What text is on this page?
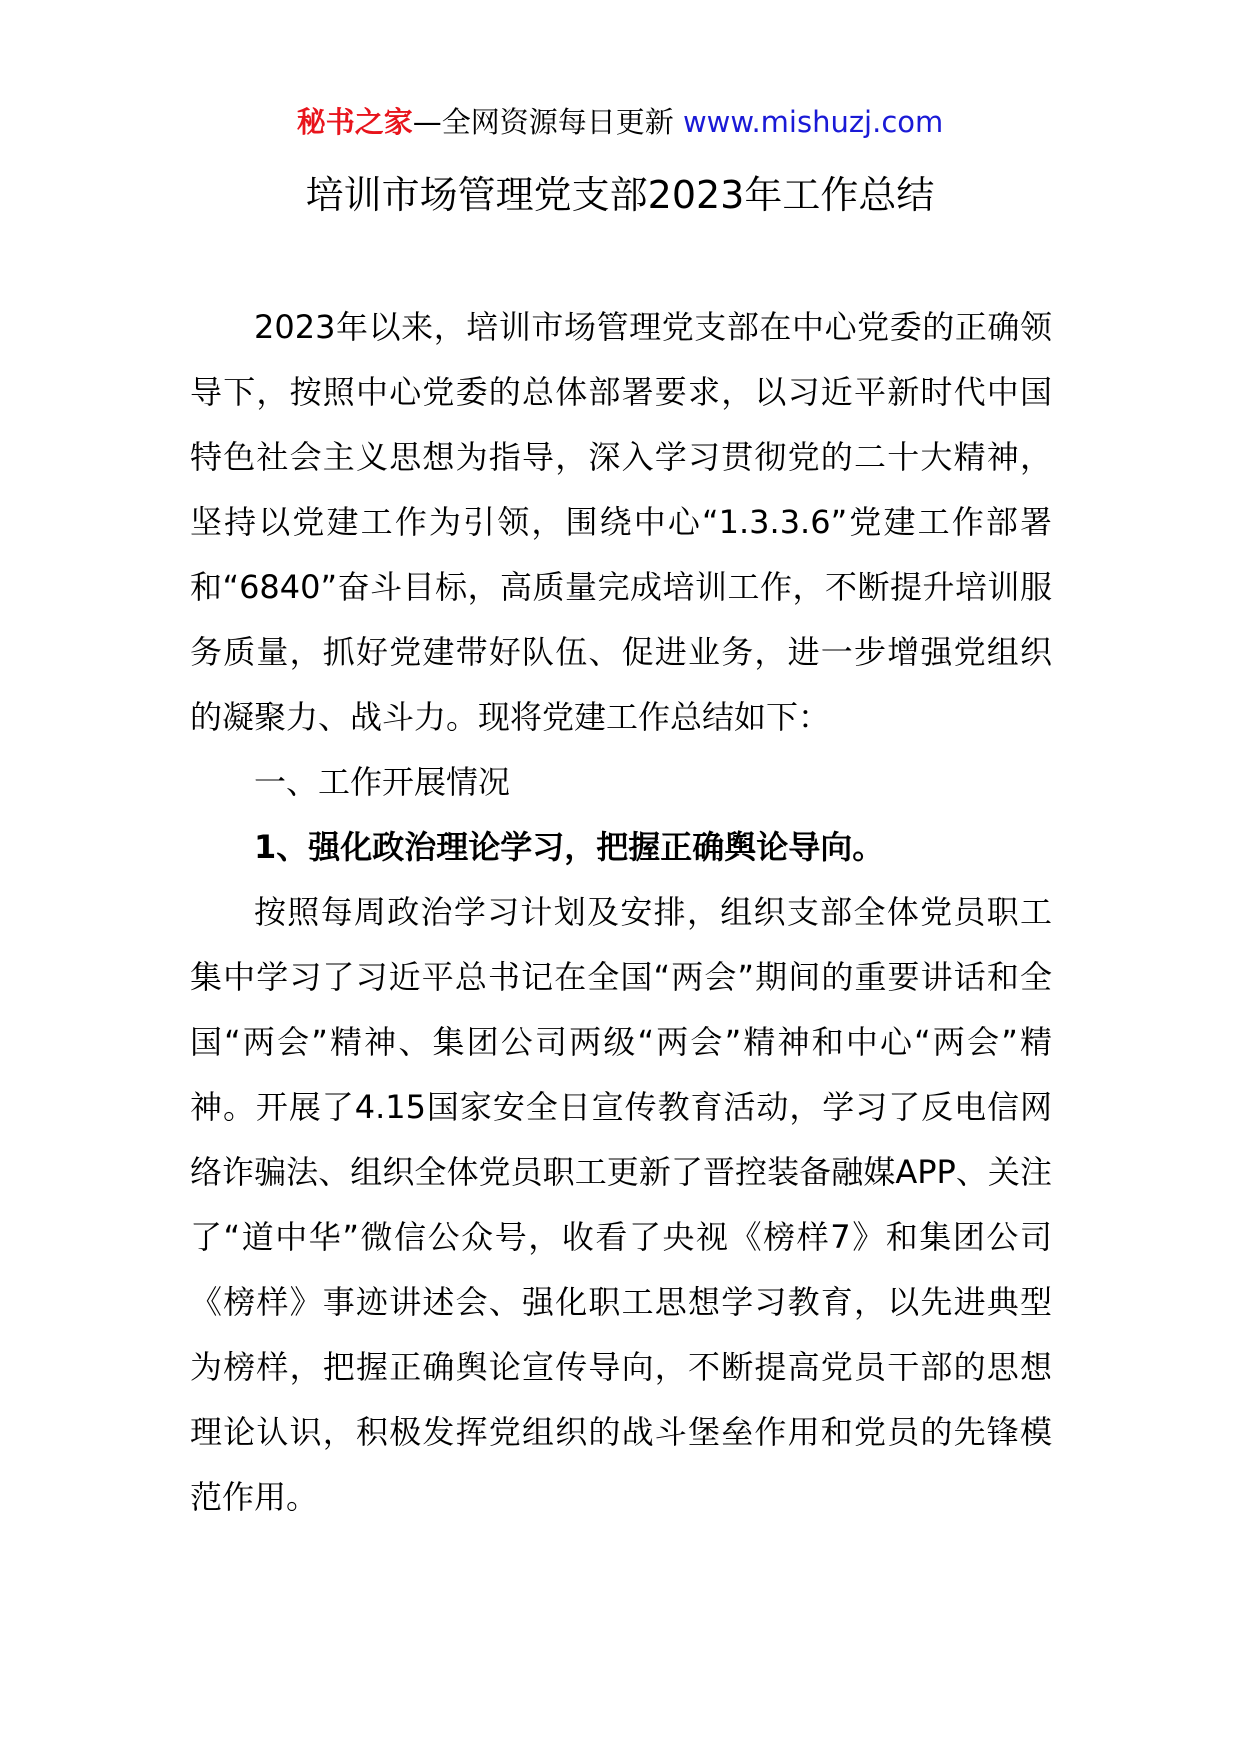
秘书之家—全网资源每日更新 www.mishuzj.com
培训市场管理党支部2023年工作总结

2023年以来，培训市场管理党支部在中心党委的正确领导下，按照中心党委的总体部署要求，以习近平新时代中国特色社会主义思想为指导，深入学习贯彻党的二十大精神，坚持以党建工作为引领，围绕中心“1.3.3.6”党建工作部署和“6840”奋斗目标，高质量完成培训工作，不断提升培训服务质量，抓好党建带好队伍、促进业务，进一步增强党组织的凝聚力、战斗力。现将党建工作总结如下：

一、工作开展情况

1、强化政治理论学习，把握正确舆论导向。

按照每周政治学习计划及安排，组织支部全体党员职工集中学习了习近平总书记在全国“两会”期间的重要讲话和全国“两会”精神、集团公司两级“两会”精神和中心“两会”精神。开展了4.15国家安全日宣传教育活动，学习了反电信网络诈骗法、组织全体党员职工更新了晋控装备融媒APP、关注了“道中华”微信公众号，收看了央视《榜样7》和集团公司《榜样》事迹讲述会、强化职工思想学习教育，以先进典型为榜样，把握正确舆论宣传导向，不断提高党员干部的思想理论认识，积极发挥党组织的战斗堡垒作用和党员的先锋模范作用。
